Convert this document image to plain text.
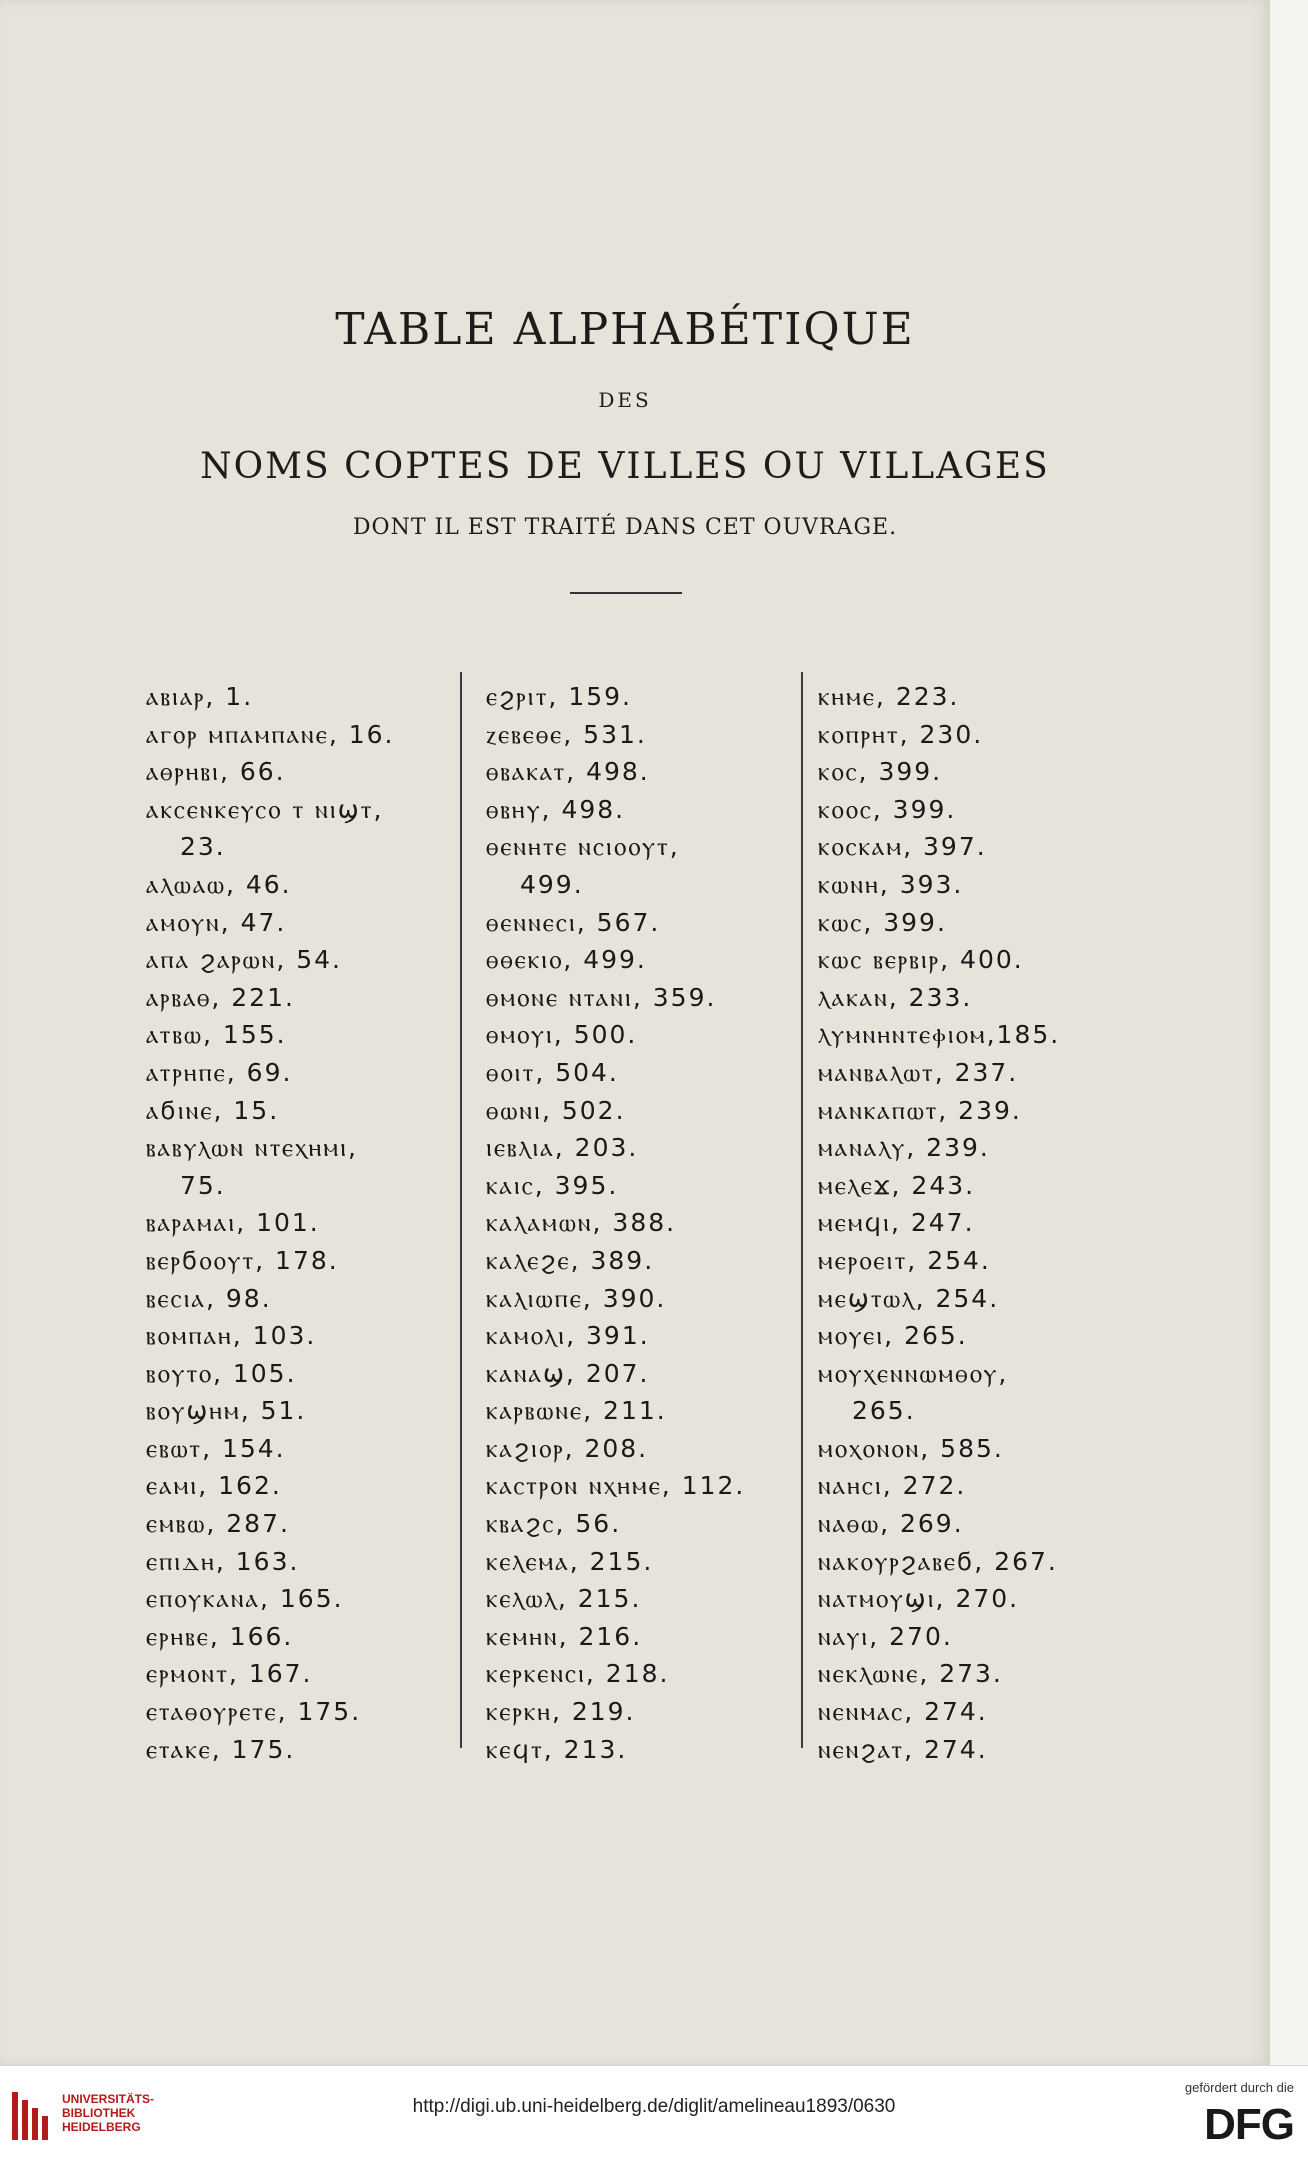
TABLE ALPHABÉTIQUE
DES
NOMS COPTES DE VILLES OU VILLAGES
DONT IL EST TRAITÉ DANS CET OUVRAGE.
ⲁⲃⲓⲁⲣ, 1.
ⲁⲅⲟⲣ ⲙⲡⲁⲙⲡⲁⲛⲉ, 16.
ⲁⲑⲣⲏⲃⲓ, 66.
ⲁⲕⲥⲉⲛⲕⲉⲩⲥⲟ ⲧ ⲛⲓϣⲧ,
23.
ⲁⲗⲱⲁⲱ, 46.
ⲁⲙⲟⲩⲛ, 47.
ⲁⲡⲁ ϩⲁⲣⲱⲛ, 54.
ⲁⲣⲃⲁⲑ, 221.
ⲁⲧⲃⲱ, 155.
ⲁⲧⲣⲏⲡⲉ, 69.
ⲁϭⲓⲛⲉ, 15.
ⲃⲁⲃⲩⲗⲱⲛ ⲛⲧⲉⲭⲏⲙⲓ,
75.
ⲃⲁⲣⲁⲙⲁⲓ, 101.
ⲃⲉⲣϭⲟⲟⲩⲧ, 178.
ⲃⲉⲥⲓⲁ, 98.
ⲃⲟⲙⲡⲁⲏ, 103.
ⲃⲟⲩⲧⲟ, 105.
ⲃⲟⲩϣⲏⲙ, 51.
ⲉⲃⲱⲧ, 154.
ⲉⲁⲙⲓ, 162.
ⲉⲙⲃⲱ, 287.
ⲉⲡⲓⲇⲏ, 163.
ⲉⲡⲟⲩⲕⲁⲛⲁ, 165.
ⲉⲣⲏⲃⲉ, 166.
ⲉⲣⲙⲟⲛⲧ, 167.
ⲉⲧⲁⲑⲟⲩⲣⲉⲧⲉ, 175.
ⲉⲧⲁⲕⲉ, 175.
ⲉϩⲣⲓⲧ, 159.
ⲍⲉⲃⲉⲑⲉ, 531.
ⲑⲃⲁⲕⲁⲧ, 498.
ⲑⲃⲏⲩ, 498.
ⲑⲉⲛⲏⲧⲉ ⲛⲥⲓⲟⲟⲩⲧ,
499.
ⲑⲉⲛⲛⲉⲥⲓ, 567.
ⲑⲑⲉⲕⲓⲟ, 499.
ⲑⲙⲟⲛⲉ ⲛⲧⲁⲛⲓ, 359.
ⲑⲙⲟⲩⲓ, 500.
ⲑⲟⲓⲧ, 504.
ⲑⲱⲛⲓ, 502.
ⲓⲉⲃⲗⲓⲁ, 203.
ⲕⲁⲓⲥ, 395.
ⲕⲁⲗⲁⲙⲱⲛ, 388.
ⲕⲁⲗⲉϩⲉ, 389.
ⲕⲁⲗⲓⲱⲡⲉ, 390.
ⲕⲁⲙⲟⲗⲓ, 391.
ⲕⲁⲛⲁϣ, 207.
ⲕⲁⲣⲃⲱⲛⲉ, 211.
ⲕⲁϩⲓⲟⲣ, 208.
ⲕⲁⲥⲧⲣⲟⲛ ⲛⲭⲏⲙⲉ, 112.
ⲕⲃⲁϩⲥ, 56.
ⲕⲉⲗⲉⲙⲁ, 215.
ⲕⲉⲗⲱⲗ, 215.
ⲕⲉⲙⲏⲛ, 216.
ⲕⲉⲣⲕⲉⲛⲥⲓ, 218.
ⲕⲉⲣⲕⲏ, 219.
ⲕⲉϥⲧ, 213.
ⲕⲏⲙⲉ, 223.
ⲕⲟⲡⲣⲏⲧ, 230.
ⲕⲟⲥ, 399.
ⲕⲟⲟⲥ, 399.
ⲕⲟⲥⲕⲁⲙ, 397.
ⲕⲱⲛⲏ, 393.
ⲕⲱⲥ, 399.
ⲕⲱⲥ ⲃⲉⲣⲃⲓⲣ, 400.
ⲗⲁⲕⲁⲛ, 233.
ⲗⲩⲙⲛⲏⲛⲧⲉⲫⲓⲟⲙ,185.
ⲙⲁⲛⲃⲁⲗⲱⲧ, 237.
ⲙⲁⲛⲕⲁⲡⲱⲧ, 239.
ⲙⲁⲛⲁⲗⲩ, 239.
ⲙⲉⲗⲉϫ, 243.
ⲙⲉⲙϥⲓ, 247.
ⲙⲉⲣⲟⲉⲓⲧ, 254.
ⲙⲉϣⲧⲱⲗ, 254.
ⲙⲟⲩⲉⲓ, 265.
ⲙⲟⲩⲭⲉⲛⲛⲱⲙⲑⲟⲩ,
265.
ⲙⲟⲭⲟⲛⲟⲛ, 585.
ⲛⲁⲏⲥⲓ, 272.
ⲛⲁⲑⲱ, 269.
ⲛⲁⲕⲟⲩⲣϩⲁⲃⲉϭ, 267.
ⲛⲁⲧⲙⲟⲩϣⲓ, 270.
ⲛⲁⲩⲓ, 270.
ⲛⲉⲕⲗⲱⲛⲉ, 273.
ⲛⲉⲛⲙⲁⲥ, 274.
ⲛⲉⲛϩⲁⲧ, 274.
UNIVERSITÄTS-
BIBLIOTHEK
HEIDELBERG
http://digi.ub.uni-heidelberg.de/diglit/amelineau1893/0630
gefördert durch die
DFG
